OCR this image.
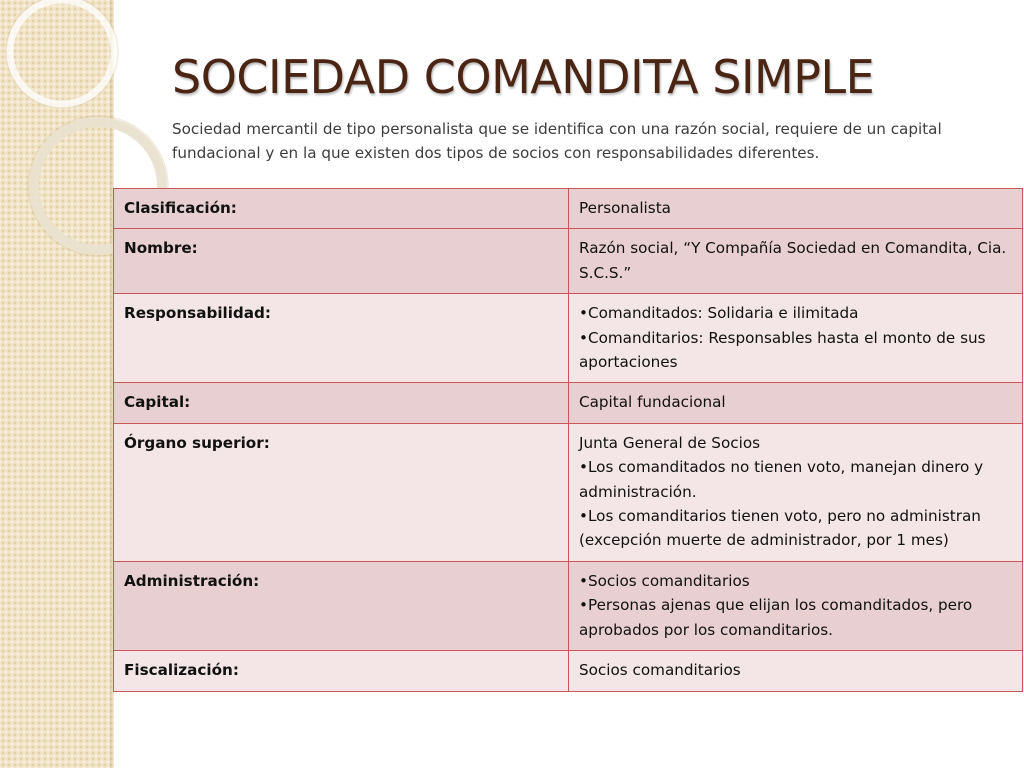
SOCIEDAD COMANDITA SIMPLE
Sociedad mercantil de tipo personalista que se identifica con una razón social, requiere de un capital fundacional y en la que existen dos tipos de socios con responsabilidades diferentes.
Clasificación:	Personalista

Nombre:	Razón social, “Y Compañía Sociedad en Comandita, Cia. S.C.S.”

Responsabilidad:	•Comanditados: Solidaria e ilimitada
•Comanditarios: Responsables hasta el monto de sus aportaciones

Capital:	Capital fundacional

Órgano superior:	Junta General de Socios
•Los comanditados no tienen voto, manejan dinero y administración.
•Los comanditarios tienen voto, pero no administran (excepción muerte de administrador, por 1 mes)

Administración:	•Socios comanditarios
•Personas ajenas que elijan los comanditados, pero aprobados por los comanditarios.

Fiscalización:	Socios comanditarios
